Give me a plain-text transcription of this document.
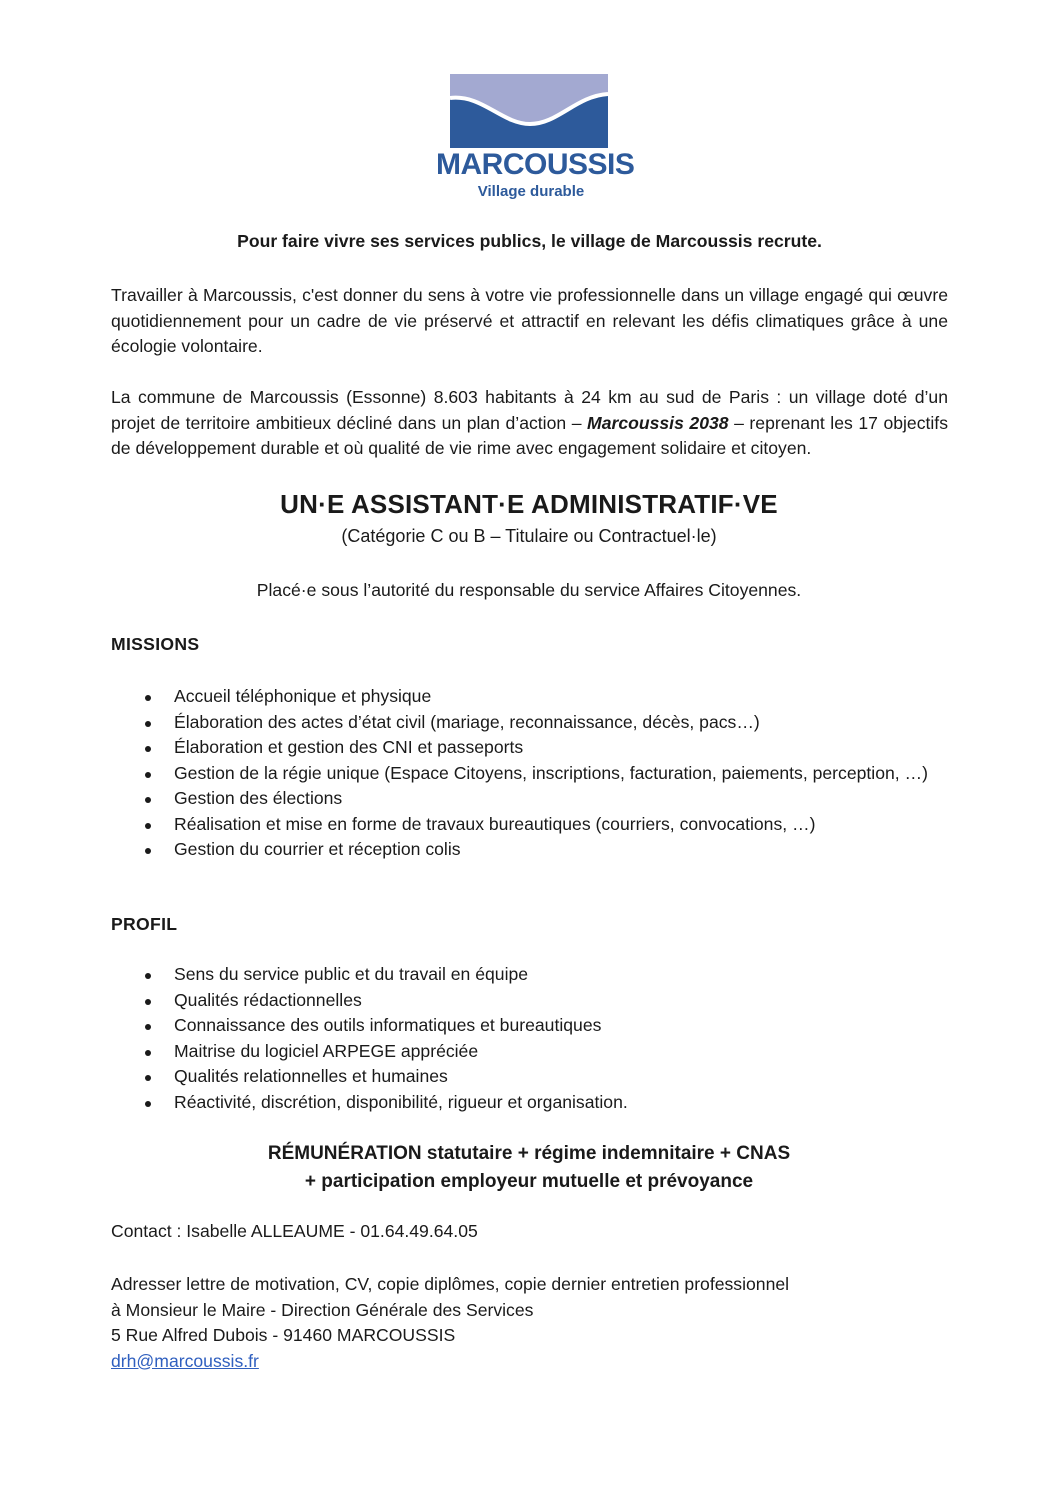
MARCOUSSIS
Village durable
Pour faire vivre ses services publics, le village de Marcoussis recrute.
Travailler à Marcoussis, c'est donner du sens à votre vie professionnelle dans un village engagé qui œuvre quotidiennement pour un cadre de vie préservé et attractif en relevant les défis climatiques grâce à une écologie volontaire.
La commune de Marcoussis (Essonne) 8.603 habitants à 24 km au sud de Paris : un village doté d’un projet de territoire ambitieux décliné dans un plan d’action – Marcoussis 2038 – reprenant les 17 objectifs de développement durable et où qualité de vie rime avec engagement solidaire et citoyen.
UN·E ASSISTANT·E ADMINISTRATIF·VE
(Catégorie C ou B – Titulaire ou Contractuel·le)
Placé·e sous l’autorité du responsable du service Affaires Citoyennes.
MISSIONS
Accueil téléphonique et physique
Élaboration des actes d’état civil (mariage, reconnaissance, décès, pacs…)
Élaboration et gestion des CNI et passeports
Gestion de la régie unique (Espace Citoyens, inscriptions, facturation, paiements, perception, …)
Gestion des élections
Réalisation et mise en forme de travaux bureautiques (courriers, convocations, …)
Gestion du courrier et réception colis
PROFIL
Sens du service public et du travail en équipe
Qualités rédactionnelles
Connaissance des outils informatiques et bureautiques
Maitrise du logiciel ARPEGE appréciée
Qualités relationnelles et humaines
Réactivité, discrétion, disponibilité, rigueur et organisation.
RÉMUNÉRATION statutaire + régime indemnitaire + CNAS
+ participation employeur mutuelle et prévoyance
Contact : Isabelle ALLEAUME - 01.64.49.64.05
Adresser lettre de motivation, CV, copie diplômes, copie dernier entretien professionnel
à Monsieur le Maire - Direction Générale des Services
5 Rue Alfred Dubois - 91460 MARCOUSSIS
drh@marcoussis.fr
